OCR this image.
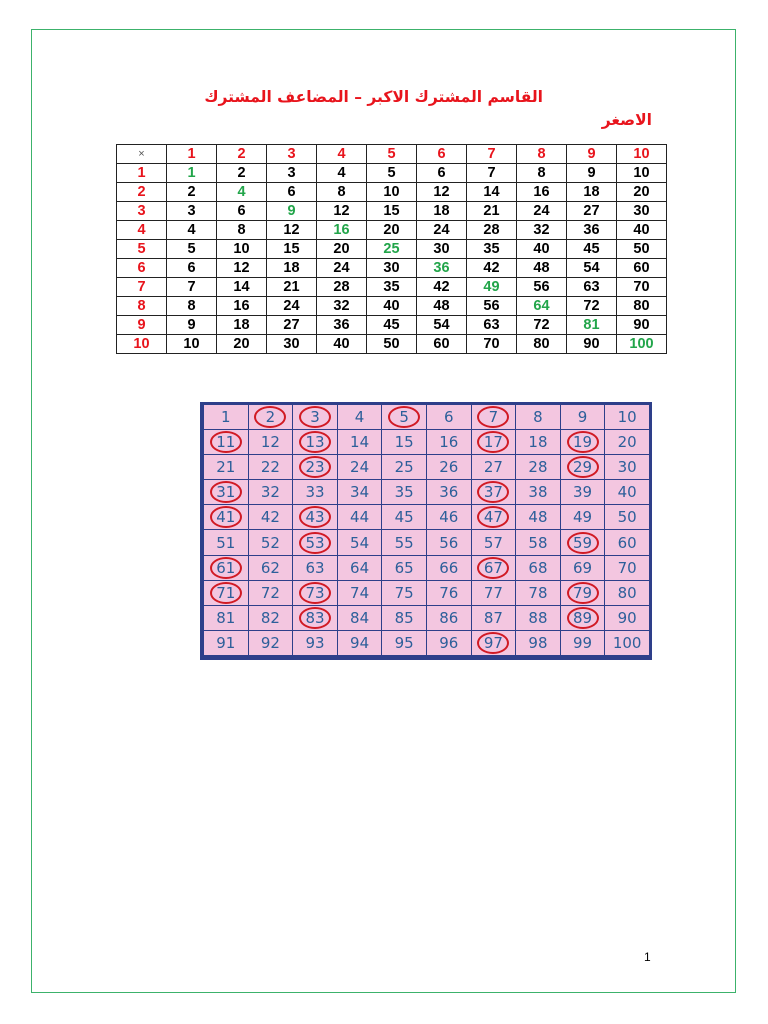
القاسم المشترك الاكبر – المضاعف المشترك
الاصغر
×	1	2	3	4	5	6	7	8	9	10
1	1	2	3	4	5	6	7	8	9	10
2	2	4	6	8	10	12	14	16	18	20
3	3	6	9	12	15	18	21	24	27	30
4	4	8	12	16	20	24	28	32	36	40
5	5	10	15	20	25	30	35	40	45	50
6	6	12	18	24	30	36	42	48	54	60
7	7	14	21	28	35	42	49	56	63	70
8	8	16	24	32	40	48	56	64	72	80
9	9	18	27	36	45	54	63	72	81	90
10	10	20	30	40	50	60	70	80	90	100
1	2	3	4	5	6	7	8	9	10
11	12	13	14	15	16	17	18	19	20
21	22	23	24	25	26	27	28	29	30
31	32	33	34	35	36	37	38	39	40
41	42	43	44	45	46	47	48	49	50
51	52	53	54	55	56	57	58	59	60
61	62	63	64	65	66	67	68	69	70
71	72	73	74	75	76	77	78	79	80
81	82	83	84	85	86	87	88	89	90
91	92	93	94	95	96	97	98	99	100
1
